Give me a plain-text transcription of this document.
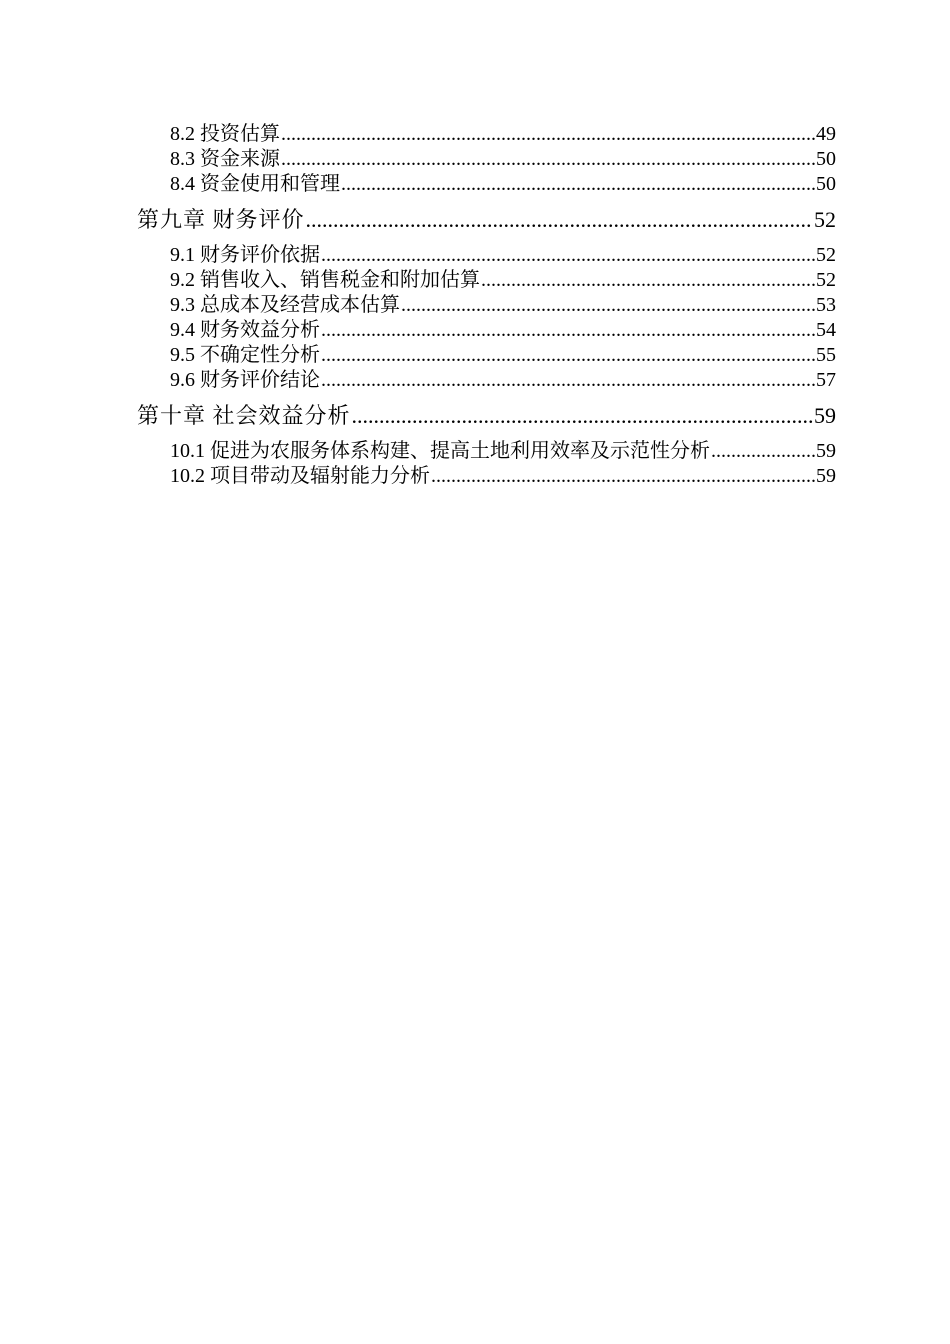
8.2 投资估算 .....	49
8.3 资金来源 .....	50
8.4 资金使用和管理 .....	50
第九章 财务评价 .....	52
9.1 财务评价依据 .....	52
9.2 销售收入、销售税金和附加估算 .....	52
9.3 总成本及经营成本估算 .....	53
9.4 财务效益分析 .....	54
9.5 不确定性分析 .....	55
9.6 财务评价结论 .....	57
第十章 社会效益分析 .....	59
10.1 促进为农服务体系构建、提高土地利用效率及示范性分析 .....	59
10.2 项目带动及辐射能力分析 .....	59
